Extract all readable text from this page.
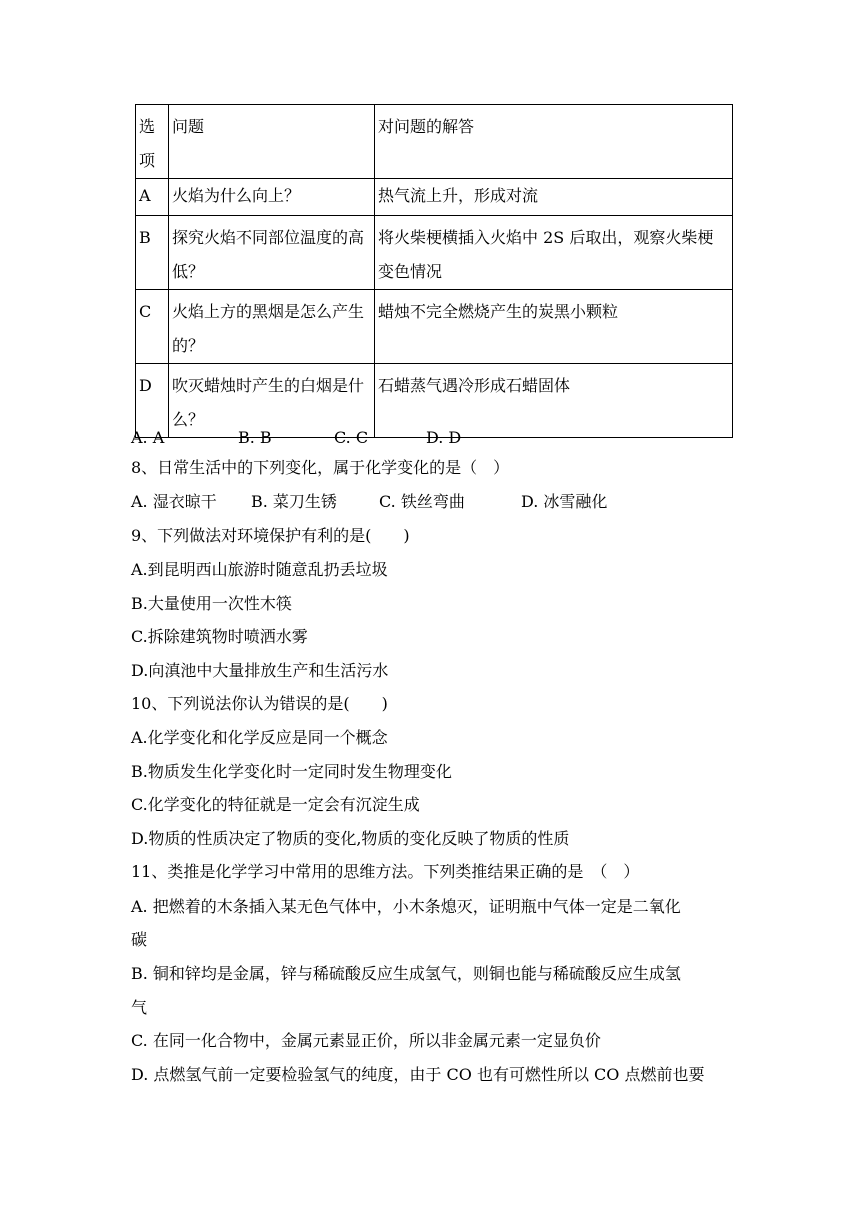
选项	问题	对问题的解答
A	火焰为什么向上？	热气流上升，形成对流
B	探究火焰不同部位温度的高低？	将火柴梗横插入火焰中 2S 后取出，观察火柴梗变色情况
C	火焰上方的黑烟是怎么产生的？	蜡烛不完全燃烧产生的炭黑小颗粒
D	吹灭蜡烛时产生的白烟是什么？	石蜡蒸气遇冷形成石蜡固体
A. A	B. B	C. C	D. D
8、日常生活中的下列变化，属于化学变化的是（　）
A. 湿衣晾干	B. 菜刀生锈	C. 铁丝弯曲	D. 冰雪融化
9、下列做法对环境保护有利的是(　　)
A.到昆明西山旅游时随意乱扔丢垃圾
B.大量使用一次性木筷
C.拆除建筑物时喷洒水雾
D.向滇池中大量排放生产和生活污水
10、下列说法你认为错误的是(　　)
A.化学变化和化学反应是同一个概念
B.物质发生化学变化时一定同时发生物理变化
C.化学变化的特征就是一定会有沉淀生成
D.物质的性质决定了物质的变化,物质的变化反映了物质的性质
11、类推是化学学习中常用的思维方法。下列类推结果正确的是　（　）
A. 把燃着的木条插入某无色气体中，小木条熄灭，证明瓶中气体一定是二氧化
碳
B. 铜和锌均是金属，锌与稀硫酸反应生成氢气，则铜也能与稀硫酸反应生成氢
气
C. 在同一化合物中，金属元素显正价，所以非金属元素一定显负价
D. 点燃氢气前一定要检验氢气的纯度，由于 CO 也有可燃性所以 CO 点燃前也要
